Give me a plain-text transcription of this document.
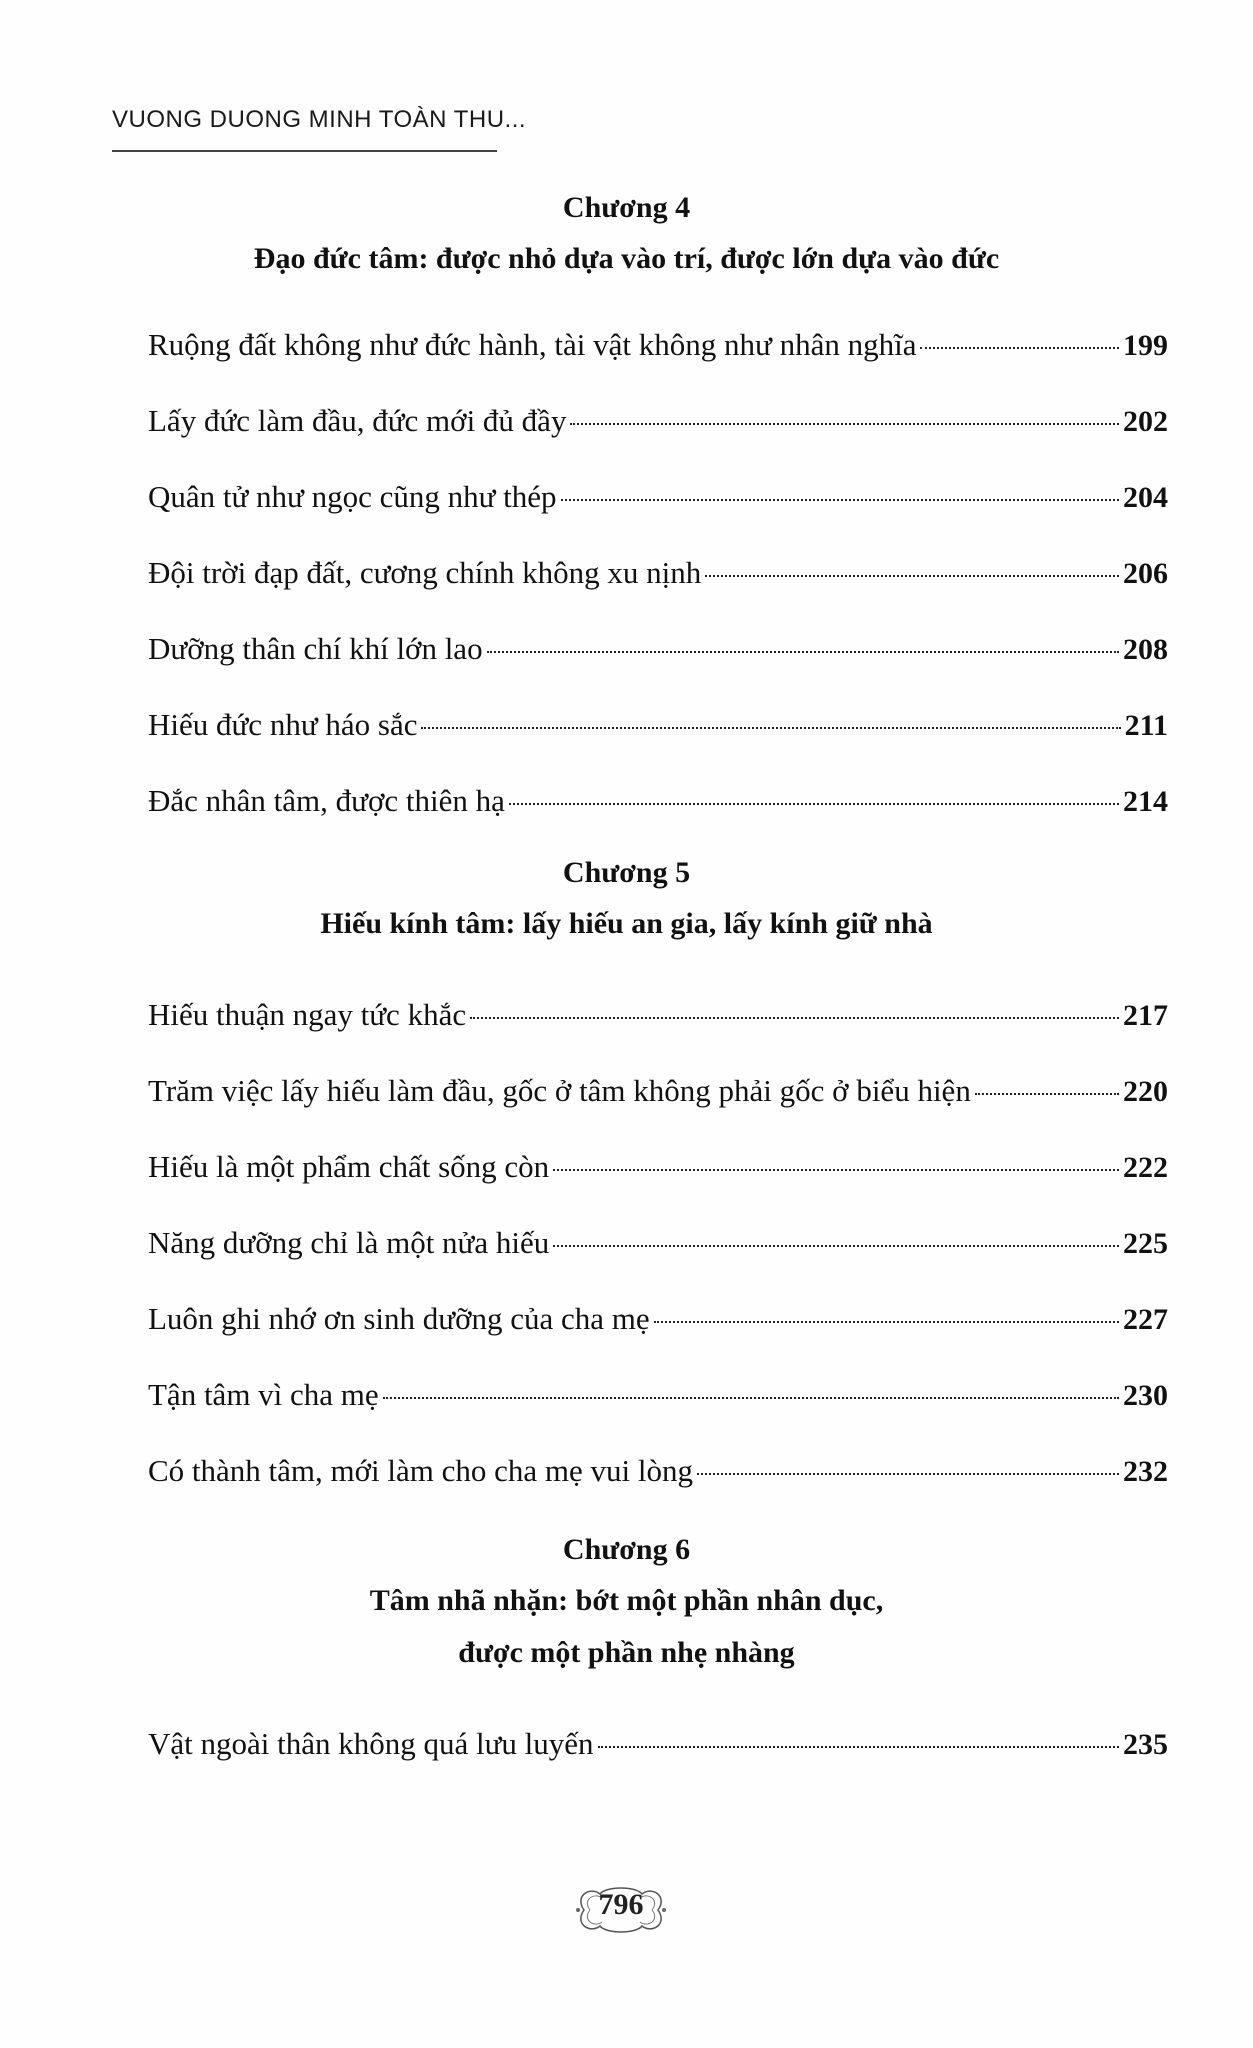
VUONG DUONG MINH TOÀN THU...

Chương 4

Đạo đức tâm: được nhỏ dựa vào trí, được lớn dựa vào đức

Ruộng đất không như đức hành, tài vật không như nhân nghĩa	199
Lấy đức làm đầu, đức mới đủ đầy	202
Quân tử như ngọc cũng như thép	204
Đội trời đạp đất, cương chính không xu nịnh	206
Dưỡng thân chí khí lớn lao	208
Hiếu đức như háo sắc	211
Đắc nhân tâm, được thiên hạ	214

Chương 5

Hiếu kính tâm: lấy hiếu an gia, lấy kính giữ nhà

Hiếu thuận ngay tức khắc	217
Trăm việc lấy hiếu làm đầu, gốc ở tâm không phải gốc ở biểu hiện	220
Hiếu là một phẩm chất sống còn	222
Năng dưỡng chỉ là một nửa hiếu	225
Luôn ghi nhớ ơn sinh dưỡng của cha mẹ	227
Tận tâm vì cha mẹ	230
Có thành tâm, mới làm cho cha mẹ vui lòng	232

Chương 6

Tâm nhã nhặn: bớt một phần nhân dục,

được một phần nhẹ nhàng

Vật ngoài thân không quá lưu luyến	235
796
